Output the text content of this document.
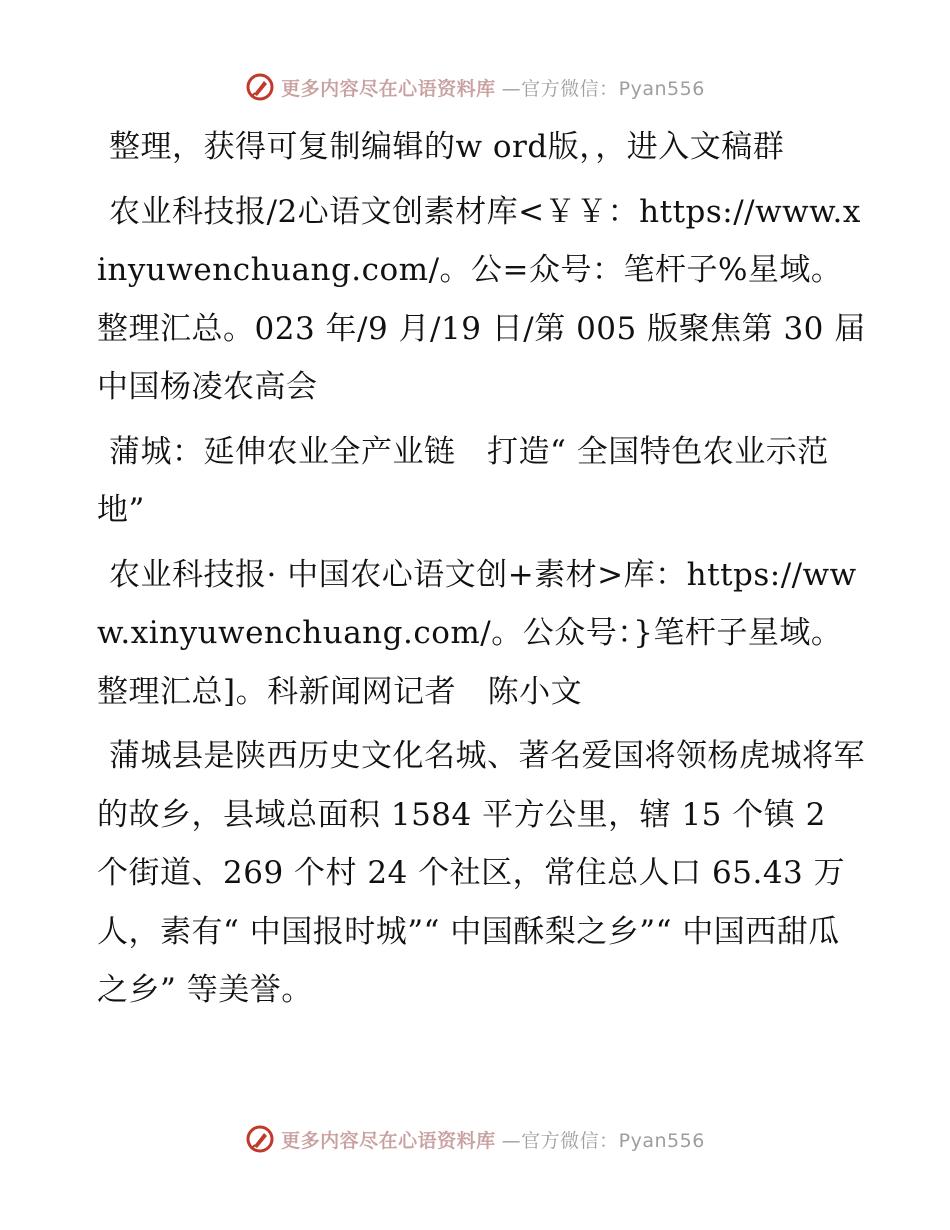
更多内容尽在心语资料库 —官方微信：Pyan556

整理，获得可复制编辑的w ord版，，进入文稿群

农业科技报/2心语文创素材库<￥￥：https://www.xinyuwenchuang.com/。公=众号：笔杆子%星域。整理汇总。023 年/9 月/19 日/第 005 版聚焦第 30 届中国杨凌农高会

蒲城：延伸农业全产业链　打造“ 全国特色农业示范地”

农业科技报· 中国农心语文创+素材>库：https://www.xinyuwenchuang.com/。公众号：}笔杆子星域。整理汇总]。科新闻网记者　陈小文

蒲城县是陕西历史文化名城、著名爱国将领杨虎城将军的故乡，县域总面积 1584 平方公里，辖 15 个镇 2 个街道、269 个村 24 个社区，常住总人口 65.43 万人，素有“ 中国报时城”“ 中国酥梨之乡”“ 中国西甜瓜之乡” 等美誉。

更多内容尽在心语资料库 —官方微信：Pyan556
